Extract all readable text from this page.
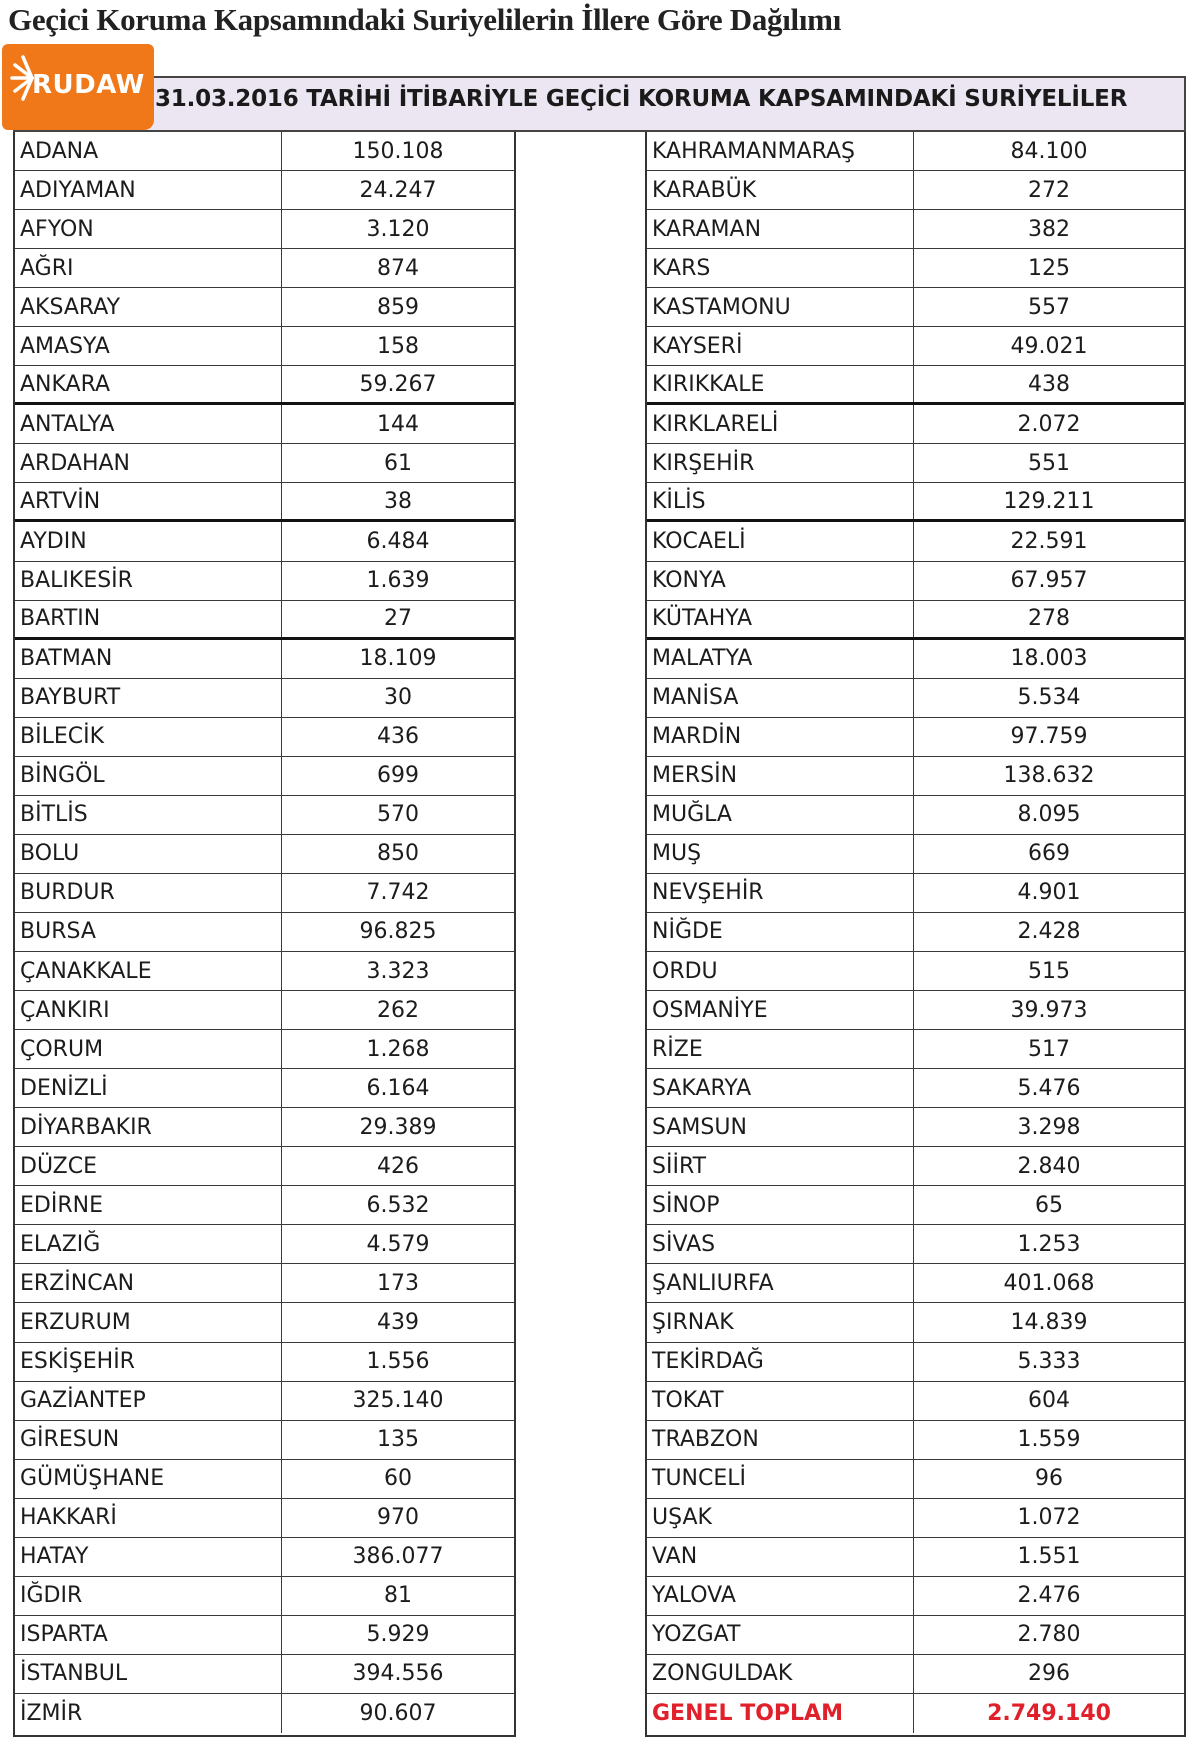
Geçici Koruma Kapsamındaki Suriyelilerin İllere Göre Dağılımı
RUDAW 31.03.2016 TARİHİ İTİBARİYLE GEÇİCİ KORUMA KAPSAMINDAKİ SURİYELİLER
ADANA	150.108
ADIYAMAN	24.247
AFYON	3.120
AĞRI	874
AKSARAY	859
AMASYA	158
ANKARA	59.267
ANTALYA	144
ARDAHAN	61
ARTVİN	38
AYDIN	6.484
BALIKESİR	1.639
BARTIN	27
BATMAN	18.109
BAYBURT	30
BİLECİK	436
BİNGÖL	699
BİTLİS	570
BOLU	850
BURDUR	7.742
BURSA	96.825
ÇANAKKALE	3.323
ÇANKIRI	262
ÇORUM	1.268
DENİZLİ	6.164
DİYARBAKIR	29.389
DÜZCE	426
EDİRNE	6.532
ELAZIĞ	4.579
ERZİNCAN	173
ERZURUM	439
ESKİŞEHİR	1.556
GAZİANTEP	325.140
GİRESUN	135
GÜMÜŞHANE	60
HAKKARİ	970
HATAY	386.077
IĞDIR	81
ISPARTA	5.929
İSTANBUL	394.556
İZMİR	90.607
KAHRAMANMARAŞ	84.100
KARABÜK	272
KARAMAN	382
KARS	125
KASTAMONU	557
KAYSERİ	49.021
KIRIKKALE	438
KIRKLARELİ	2.072
KIRŞEHİR	551
KİLİS	129.211
KOCAELİ	22.591
KONYA	67.957
KÜTAHYA	278
MALATYA	18.003
MANİSA	5.534
MARDİN	97.759
MERSİN	138.632
MUĞLA	8.095
MUŞ	669
NEVŞEHİR	4.901
NİĞDE	2.428
ORDU	515
OSMANİYE	39.973
RİZE	517
SAKARYA	5.476
SAMSUN	3.298
SİİRT	2.840
SİNOP	65
SİVAS	1.253
ŞANLIURFA	401.068
ŞIRNAK	14.839
TEKİRDAĞ	5.333
TOKAT	604
TRABZON	1.559
TUNCELİ	96
UŞAK	1.072
VAN	1.551
YALOVA	2.476
YOZGAT	2.780
ZONGULDAK	296
GENEL TOPLAM	2.749.140
